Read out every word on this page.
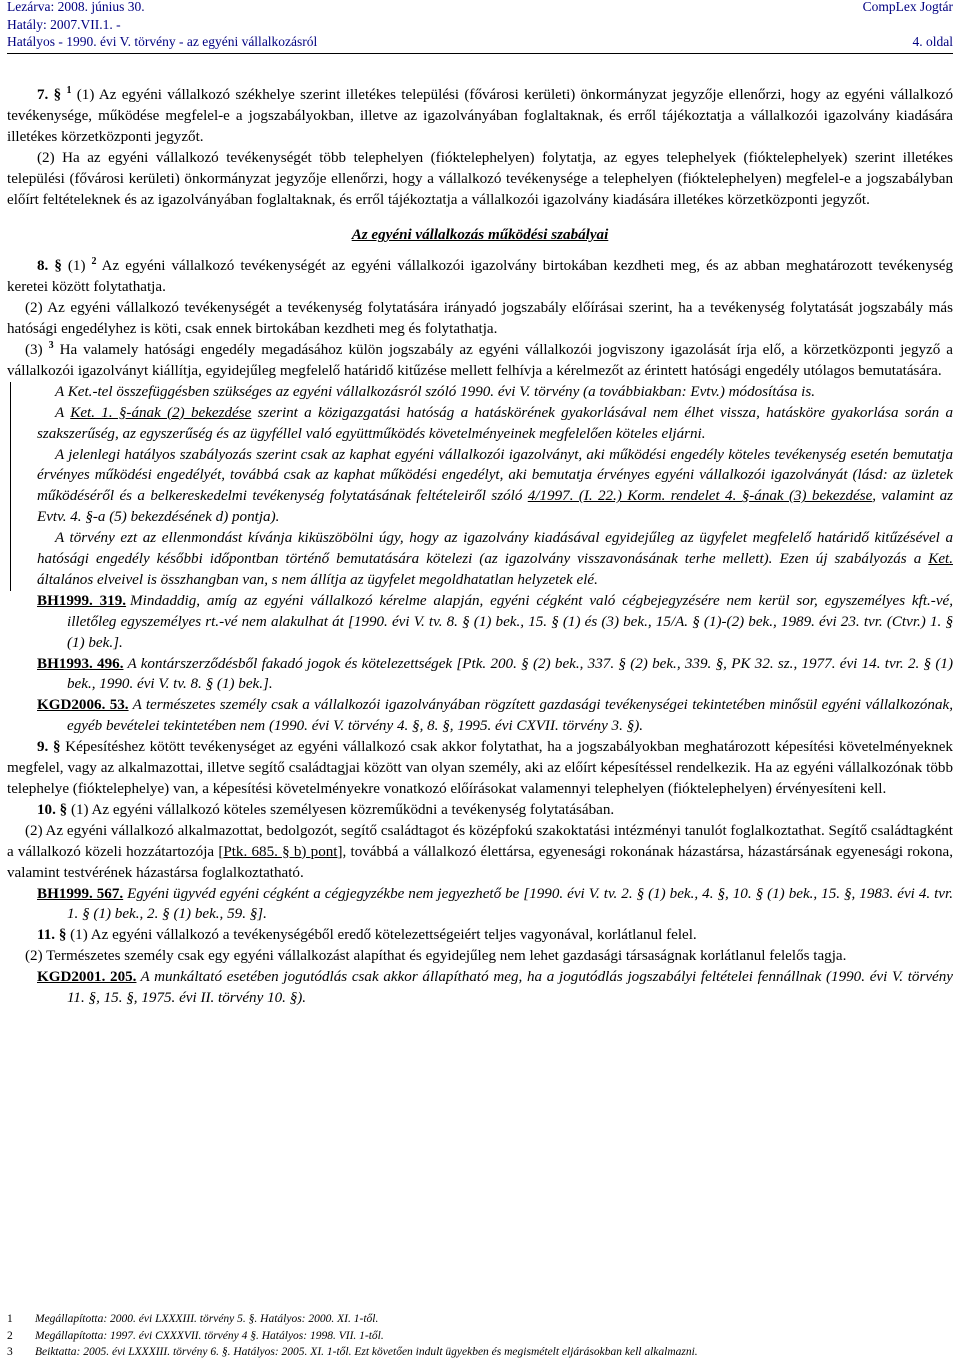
Lezárva: 2008. június 30.
Hatály: 2007.VII.1. -
Hatályos - 1990. évi V. törvény - az egyéni vállalkozásról
CompLex Jogtár
4. oldal

7. § $^1$ (1) Az egyéni vállalkozó székhelye szerint illetékes települési (fővárosi kerületi) önkormányzat jegyzője ellenőrzi, hogy az egyéni vállalkozó tevékenysége, működése megfelel-e a jogszabályokban, illetve az igazolványában foglaltaknak, és erről tájékoztatja a vállalkozói igazolvány kiadására illetékes körzetközponti jegyzőt.

(2) Ha az egyéni vállalkozó tevékenységét több telephelyen (fióktelephelyen) folytatja, az egyes telephelyek (fióktelephelyek) szerint illetékes települési (fővárosi kerületi) önkormányzat jegyzője ellenőrzi, hogy a vállalkozó tevékenysége a telephelyen (fióktelephelyen) megfelel-e a jogszabályban előírt feltételeknek és az igazolványában foglaltaknak, és erről tájékoztatja a vállalkozói igazolvány kiadására illetékes körzetközponti jegyzőt.

Az egyéni vállalkozás működési szabályai

8. § (1) $^2$ Az egyéni vállalkozó tevékenységét az egyéni vállalkozói igazolvány birtokában kezdheti meg, és az abban meghatározott tevékenység keretei között folytathatja.

(2) Az egyéni vállalkozó tevékenységét a tevékenység folytatására irányadó jogszabály előírásai szerint, ha a tevékenység folytatását jogszabály más hatósági engedélyhez is köti, csak ennek birtokában kezdheti meg és folytathatja.

(3) $^3$ Ha valamely hatósági engedély megadásához külön jogszabály az egyéni vállalkozói jogviszony igazolását írja elő, a körzetközponti jegyző a vállalkozói igazolványt kiállítja, egyidejűleg megfelelő határidő kitűzése mellett felhívja a kérelmezőt az érintett hatósági engedély utólagos bemutatására.

A Ket.-tel összefüggésben szükséges az egyéni vállalkozásról szóló 1990. évi V. törvény (a továbbiakban: Evtv.) módosítása is.

A Ket. 1. §-ának (2) bekezdése szerint a közigazgatási hatóság a hatáskörének gyakorlásával nem élhet vissza, hatásköre gyakorlása során a szakszerűség, az egyszerűség és az ügyféllel való együttműködés követelményeinek megfelelően köteles eljárni.

A jelenlegi hatályos szabályozás szerint csak az kaphat egyéni vállalkozói igazolványt, aki működési engedély köteles tevékenység esetén bemutatja érvényes működési engedélyét, továbbá csak az kaphat működési engedélyt, aki bemutatja érvényes egyéni vállalkozói igazolványát (lásd: az üzletek működéséről és a belkereskedelmi tevékenység folytatásának feltételeiről szóló 4/1997. (I. 22.) Korm. rendelet 4. §-ának (3) bekezdése, valamint az Evtv. 4. §-a (5) bekezdésének d) pontja).

A törvény ezt az ellenmondást kívánja kiküszöbölni úgy, hogy az igazolvány kiadásával egyidejűleg az ügyfelet megfelelő határidő kitűzésével a hatósági engedély későbbi időpontban történő bemutatására kötelezi (az igazolvány visszavonásának terhe mellett). Ezen új szabályozás a Ket. általános elveivel is összhangban van, s nem állítja az ügyfelet megoldhatatlan helyzetek elé.

BH1999. 319. Mindaddig, amíg az egyéni vállalkozó kérelme alapján, egyéni cégként való cégbejegyzésére nem kerül sor, egyszemélyes kft.-vé, illetőleg egyszemélyes rt.-vé nem alakulhat át [1990. évi V. tv. 8. § (1) bek., 15. § (1) és (3) bek., 15/A. § (1)-(2) bek., 1989. évi 23. tvr. (Ctvr.) 1. § (1) bek.].

BH1993. 496. A kontárszerződésből fakadó jogok és kötelezettségek [Ptk. 200. § (2) bek., 337. § (2) bek., 339. §, PK 32. sz., 1977. évi 14. tvr. 2. § (1) bek., 1990. évi V. tv. 8. § (1) bek.].

KGD2006. 53. A természetes személy csak a vállalkozói igazolványában rögzített gazdasági tevékenységei tekintetében minősül egyéni vállalkozónak, egyéb bevételei tekintetében nem (1990. évi V. törvény 4. §, 8. §, 1995. évi CXVII. törvény 3. §).

9. § Képesítéshez kötött tevékenységet az egyéni vállalkozó csak akkor folytathat, ha a jogszabályokban meghatározott képesítési követelményeknek megfelel, vagy az alkalmazottai, illetve segítő családtagjai között van olyan személy, aki az előírt képesítéssel rendelkezik. Ha az egyéni vállalkozónak több telephelye (fióktelephelye) van, a képesítési követelményekre vonatkozó előírásokat valamennyi telephelyen (fióktelephelyen) érvényesíteni kell.

10. § (1) Az egyéni vállalkozó köteles személyesen közreműködni a tevékenység folytatásában.

(2) Az egyéni vállalkozó alkalmazottat, bedolgozót, segítő családtagot és középfokú szakoktatási intézményi tanulót foglalkoztathat. Segítő családtagként a vállalkozó közeli hozzátartozója [Ptk. 685. § b) pont], továbbá a vállalkozó élettársa, egyenesági rokonának házastársa, házastársának egyenesági rokona, valamint testvérének házastársa foglalkoztatható.

BH1999. 567. Egyéni ügyvéd egyéni cégként a cégjegyzékbe nem jegyezhető be [1990. évi V. tv. 2. § (1) bek., 4. §, 10. § (1) bek., 15. §, 1983. évi 4. tvr. 1. § (1) bek., 2. § (1) bek., 59. §].

11. § (1) Az egyéni vállalkozó a tevékenységéből eredő kötelezettségeiért teljes vagyonával, korlátlanul felel.

(2) Természetes személy csak egy egyéni vállalkozást alapíthat és egyidejűleg nem lehet gazdasági társaságnak korlátlanul felelős tagja.

KGD2001. 205. A munkáltató esetében jogutódlás csak akkor állapítható meg, ha a jogutódlás jogszabályi feltételei fennállnak (1990. évi V. törvény 11. §, 15. §, 1975. évi II. törvény 10. §).

1 Megállapította: 2000. évi LXXXIII. törvény 5. §. Hatályos: 2000. XI. 1-től.
2 Megállapította: 1997. évi CXXXVII. törvény 4 §. Hatályos: 1998. VII. 1-től.
3 Beiktatta: 2005. évi LXXXIII. törvény 6. §. Hatályos: 2005. XI. 1-től. Ezt követően indult ügyekben és megismételt eljárásokban kell alkalmazni.
